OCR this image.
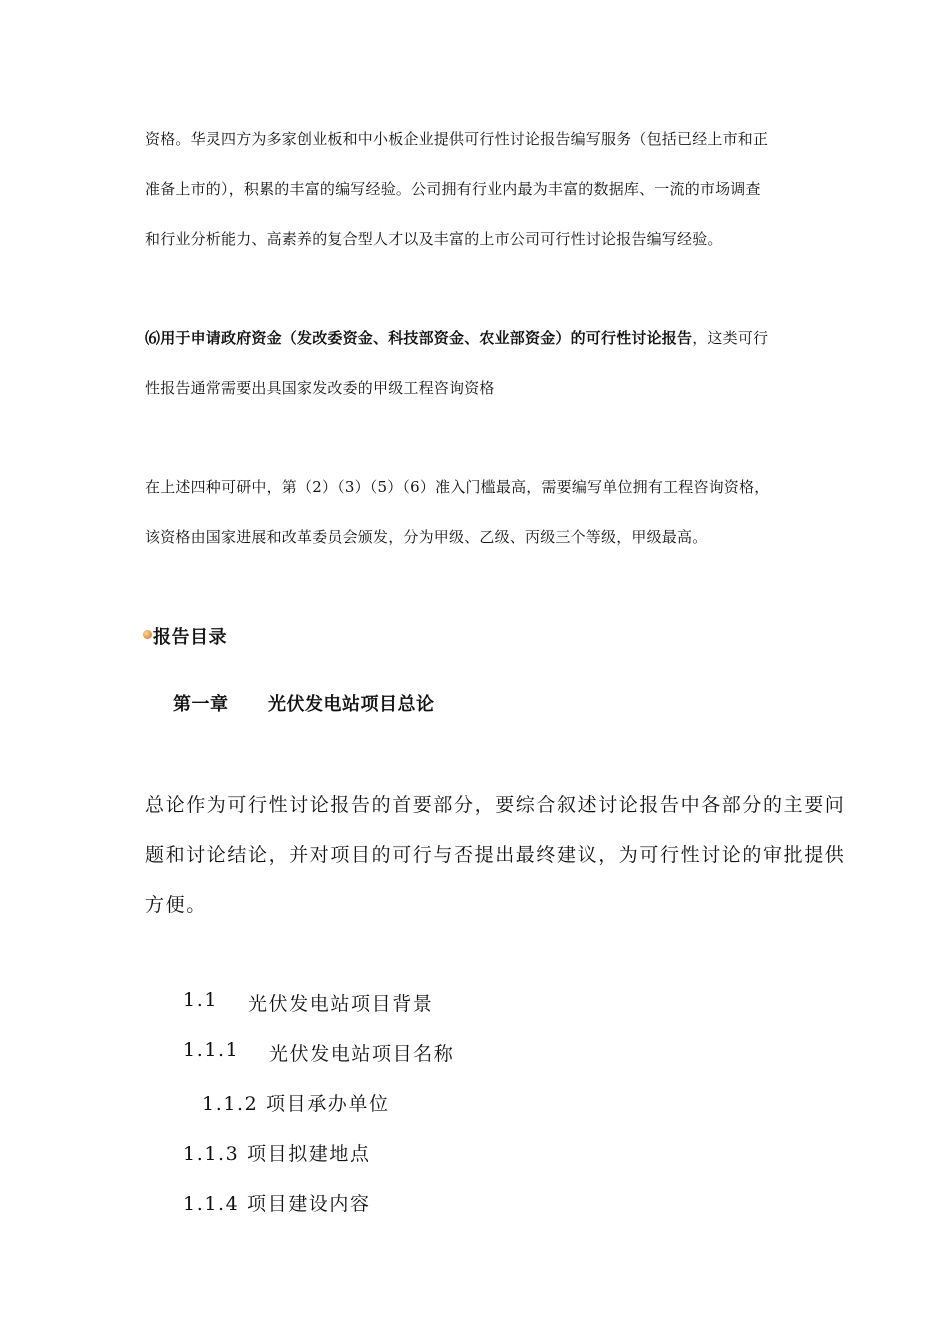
资格。华灵四方为多家创业板和中小板企业提供可行性讨论报告编写服务（包括已经上市和正
准备上市的），积累的丰富的编写经验。公司拥有行业内最为丰富的数据库、一流的市场调查
和行业分析能力、高素养的复合型人才以及丰富的上市公司可行性讨论报告编写经验。
⑹用于申请政府资金（发改委资金、科技部资金、农业部资金）的可行性讨论报告，这类可行
性报告通常需要出具国家发改委的甲级工程咨询资格
在上述四种可研中，第（2）（3）（5）（6）准入门槛最高，需要编写单位拥有工程咨询资格，
该资格由国家进展和改革委员会颁发，分为甲级、乙级、丙级三个等级，甲级最高。
报告目录
第一章 光伏发电站项目总论
总论作为可行性讨论报告的首要部分，要综合叙述讨论报告中各部分的主要问
题和讨论结论，并对项目的可行与否提出最终建议，为可行性讨论的审批提供
方便。
1.1 光伏发电站项目背景
1.1.1 光伏发电站项目名称
1.1.2 项目承办单位
1.1.3 项目拟建地点
1.1.4 项目建设内容
